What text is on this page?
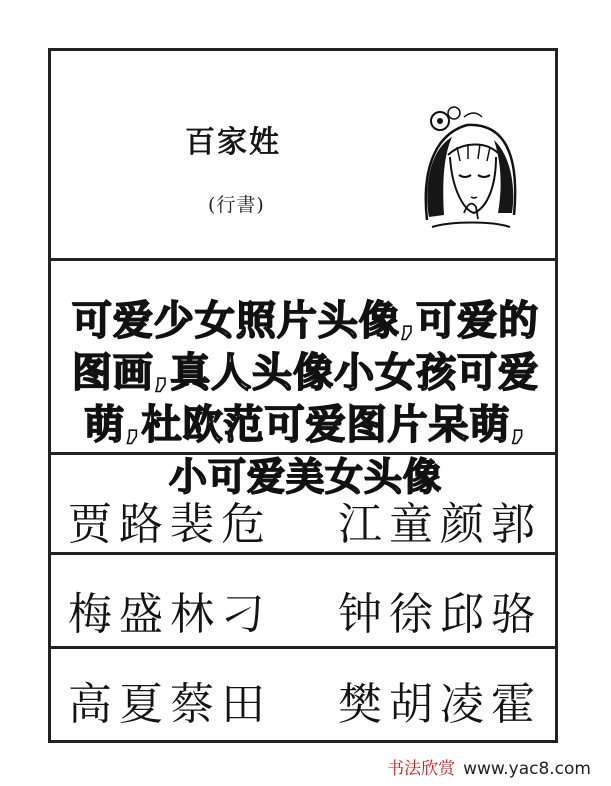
百家姓
(行書)
贾路裴危 江童颜郭
梅盛林刁 钟徐邱骆
高夏蔡田 樊胡凌霍
可爱少女照片头像,可爱的
图画,真人头像小女孩可爱
萌,杜欧范可爱图片呆萌,
小可爱美女头像
书法欣赏 www.yac8.com
